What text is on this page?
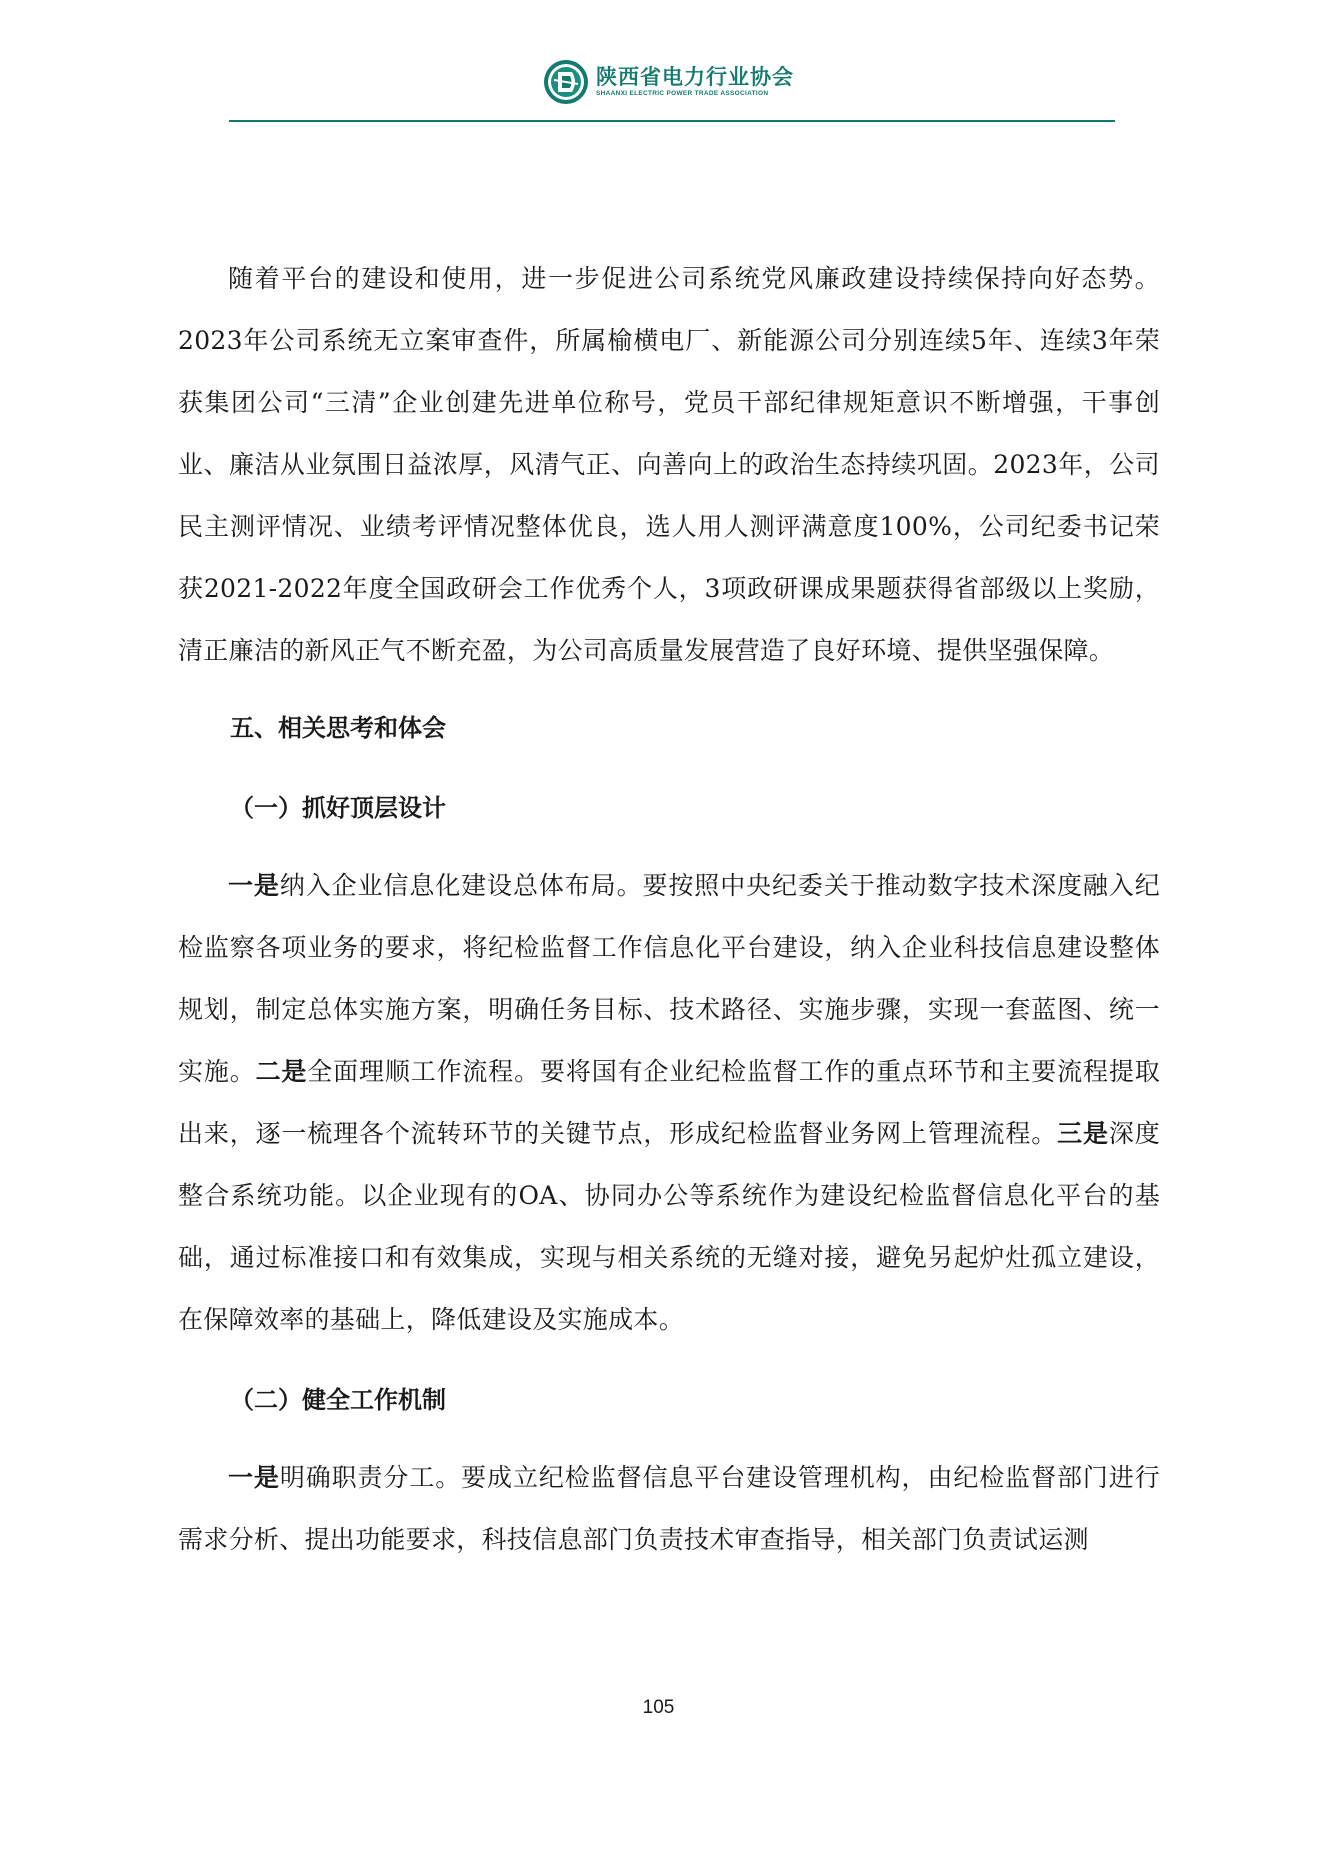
陕西省电力行业协会
SHAANXI ELECTRIC POWER TRADE ASSOCIATION

随着平台的建设和使用，进一步促进公司系统党风廉政建设持续保持向好态势。2023年公司系统无立案审查件，所属榆横电厂、新能源公司分别连续5年、连续3年荣获集团公司“三清”企业创建先进单位称号，党员干部纪律规矩意识不断增强，干事创业、廉洁从业氛围日益浓厚，风清气正、向善向上的政治生态持续巩固。2023年，公司民主测评情况、业绩考评情况整体优良，选人用人测评满意度100%，公司纪委书记荣获2021-2022年度全国政研会工作优秀个人，3项政研课成果题获得省部级以上奖励，清正廉洁的新风正气不断充盈，为公司高质量发展营造了良好环境、提供坚强保障。

五、相关思考和体会

（一）抓好顶层设计

一是纳入企业信息化建设总体布局。要按照中央纪委关于推动数字技术深度融入纪检监察各项业务的要求，将纪检监督工作信息化平台建设，纳入企业科技信息建设整体规划，制定总体实施方案，明确任务目标、技术路径、实施步骤，实现一套蓝图、统一实施。二是全面理顺工作流程。要将国有企业纪检监督工作的重点环节和主要流程提取出来，逐一梳理各个流转环节的关键节点，形成纪检监督业务网上管理流程。三是深度整合系统功能。以企业现有的OA、协同办公等系统作为建设纪检监督信息化平台的基础，通过标准接口和有效集成，实现与相关系统的无缝对接，避免另起炉灶孤立建设，在保障效率的基础上，降低建设及实施成本。

（二）健全工作机制

一是明确职责分工。要成立纪检监督信息平台建设管理机构，由纪检监督部门进行需求分析、提出功能要求，科技信息部门负责技术审查指导，相关部门负责试运测

105
